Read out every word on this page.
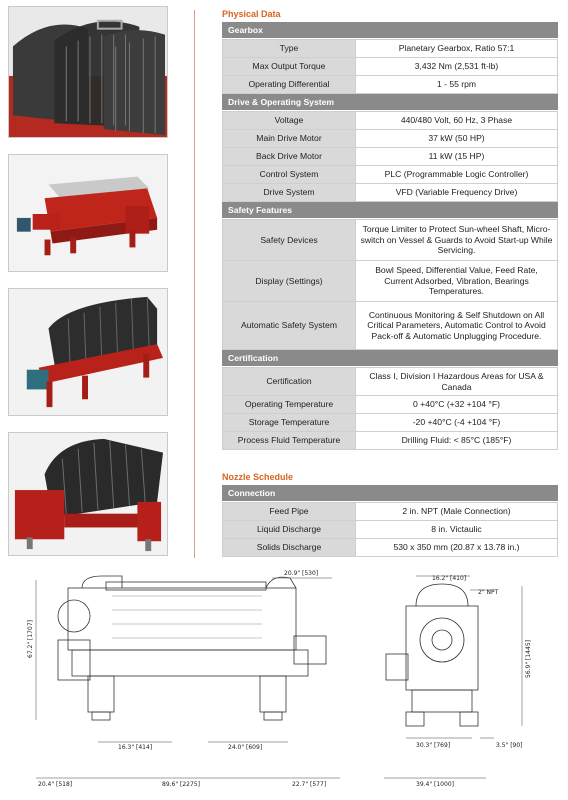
Physical Data
Gearbox
Type	Planetary Gearbox, Ratio 57:1
Max Output Torque	3,432 Nm (2,531 ft-lb)
Operating Differential	1 - 55 rpm
Drive & Operating System
Voltage	440/480 Volt, 60 Hz, 3 Phase
Main Drive Motor	37 kW (50 HP)
Back Drive Motor	11 kW (15 HP)
Control System	PLC (Programmable Logic Controller)
Drive System	VFD (Variable Frequency Drive)
Safety Features
Safety Devices	Torque Limiter to Protect Sun-wheel Shaft, Micro-switch on Vessel & Guards to Avoid Start-up While Servicing.
Display (Settings)	Bowl Speed, Differential Value, Feed Rate, Current Adsorbed, Vibration, Bearings Temperatures.
Automatic Safety System	Continuous Monitoring & Self Shutdown on All Critical Parameters, Automatic Control to Avoid Pack-off & Automatic Unplugging Procedure.
Certification
Certification	Class I, Division I Hazardous Areas for USA & Canada
Operating Temperature	0 +40°C (+32 +104 °F)
Storage Temperature	-20 +40°C (-4 +104 °F)
Process Fluid Temperature	Drilling Fluid: < 85°C (185°F)
Nozzle Schedule
Connection
Feed Pipe	2 in. NPT (Male Connection)
Liquid Discharge	8 in. Victaulic
Solids Discharge	530 x 350 mm (20.87 x 13.78 in.)
20.9" [530]
67.2" [1707]
16.3" [414]	24.0" [609]
20.4" [518]	89.6" [2275]	22.7" [577]
16.2" [410]
2" NPT
56.9" [1445]
30.3" [769]	3.5" [90]
39.4" [1000]
